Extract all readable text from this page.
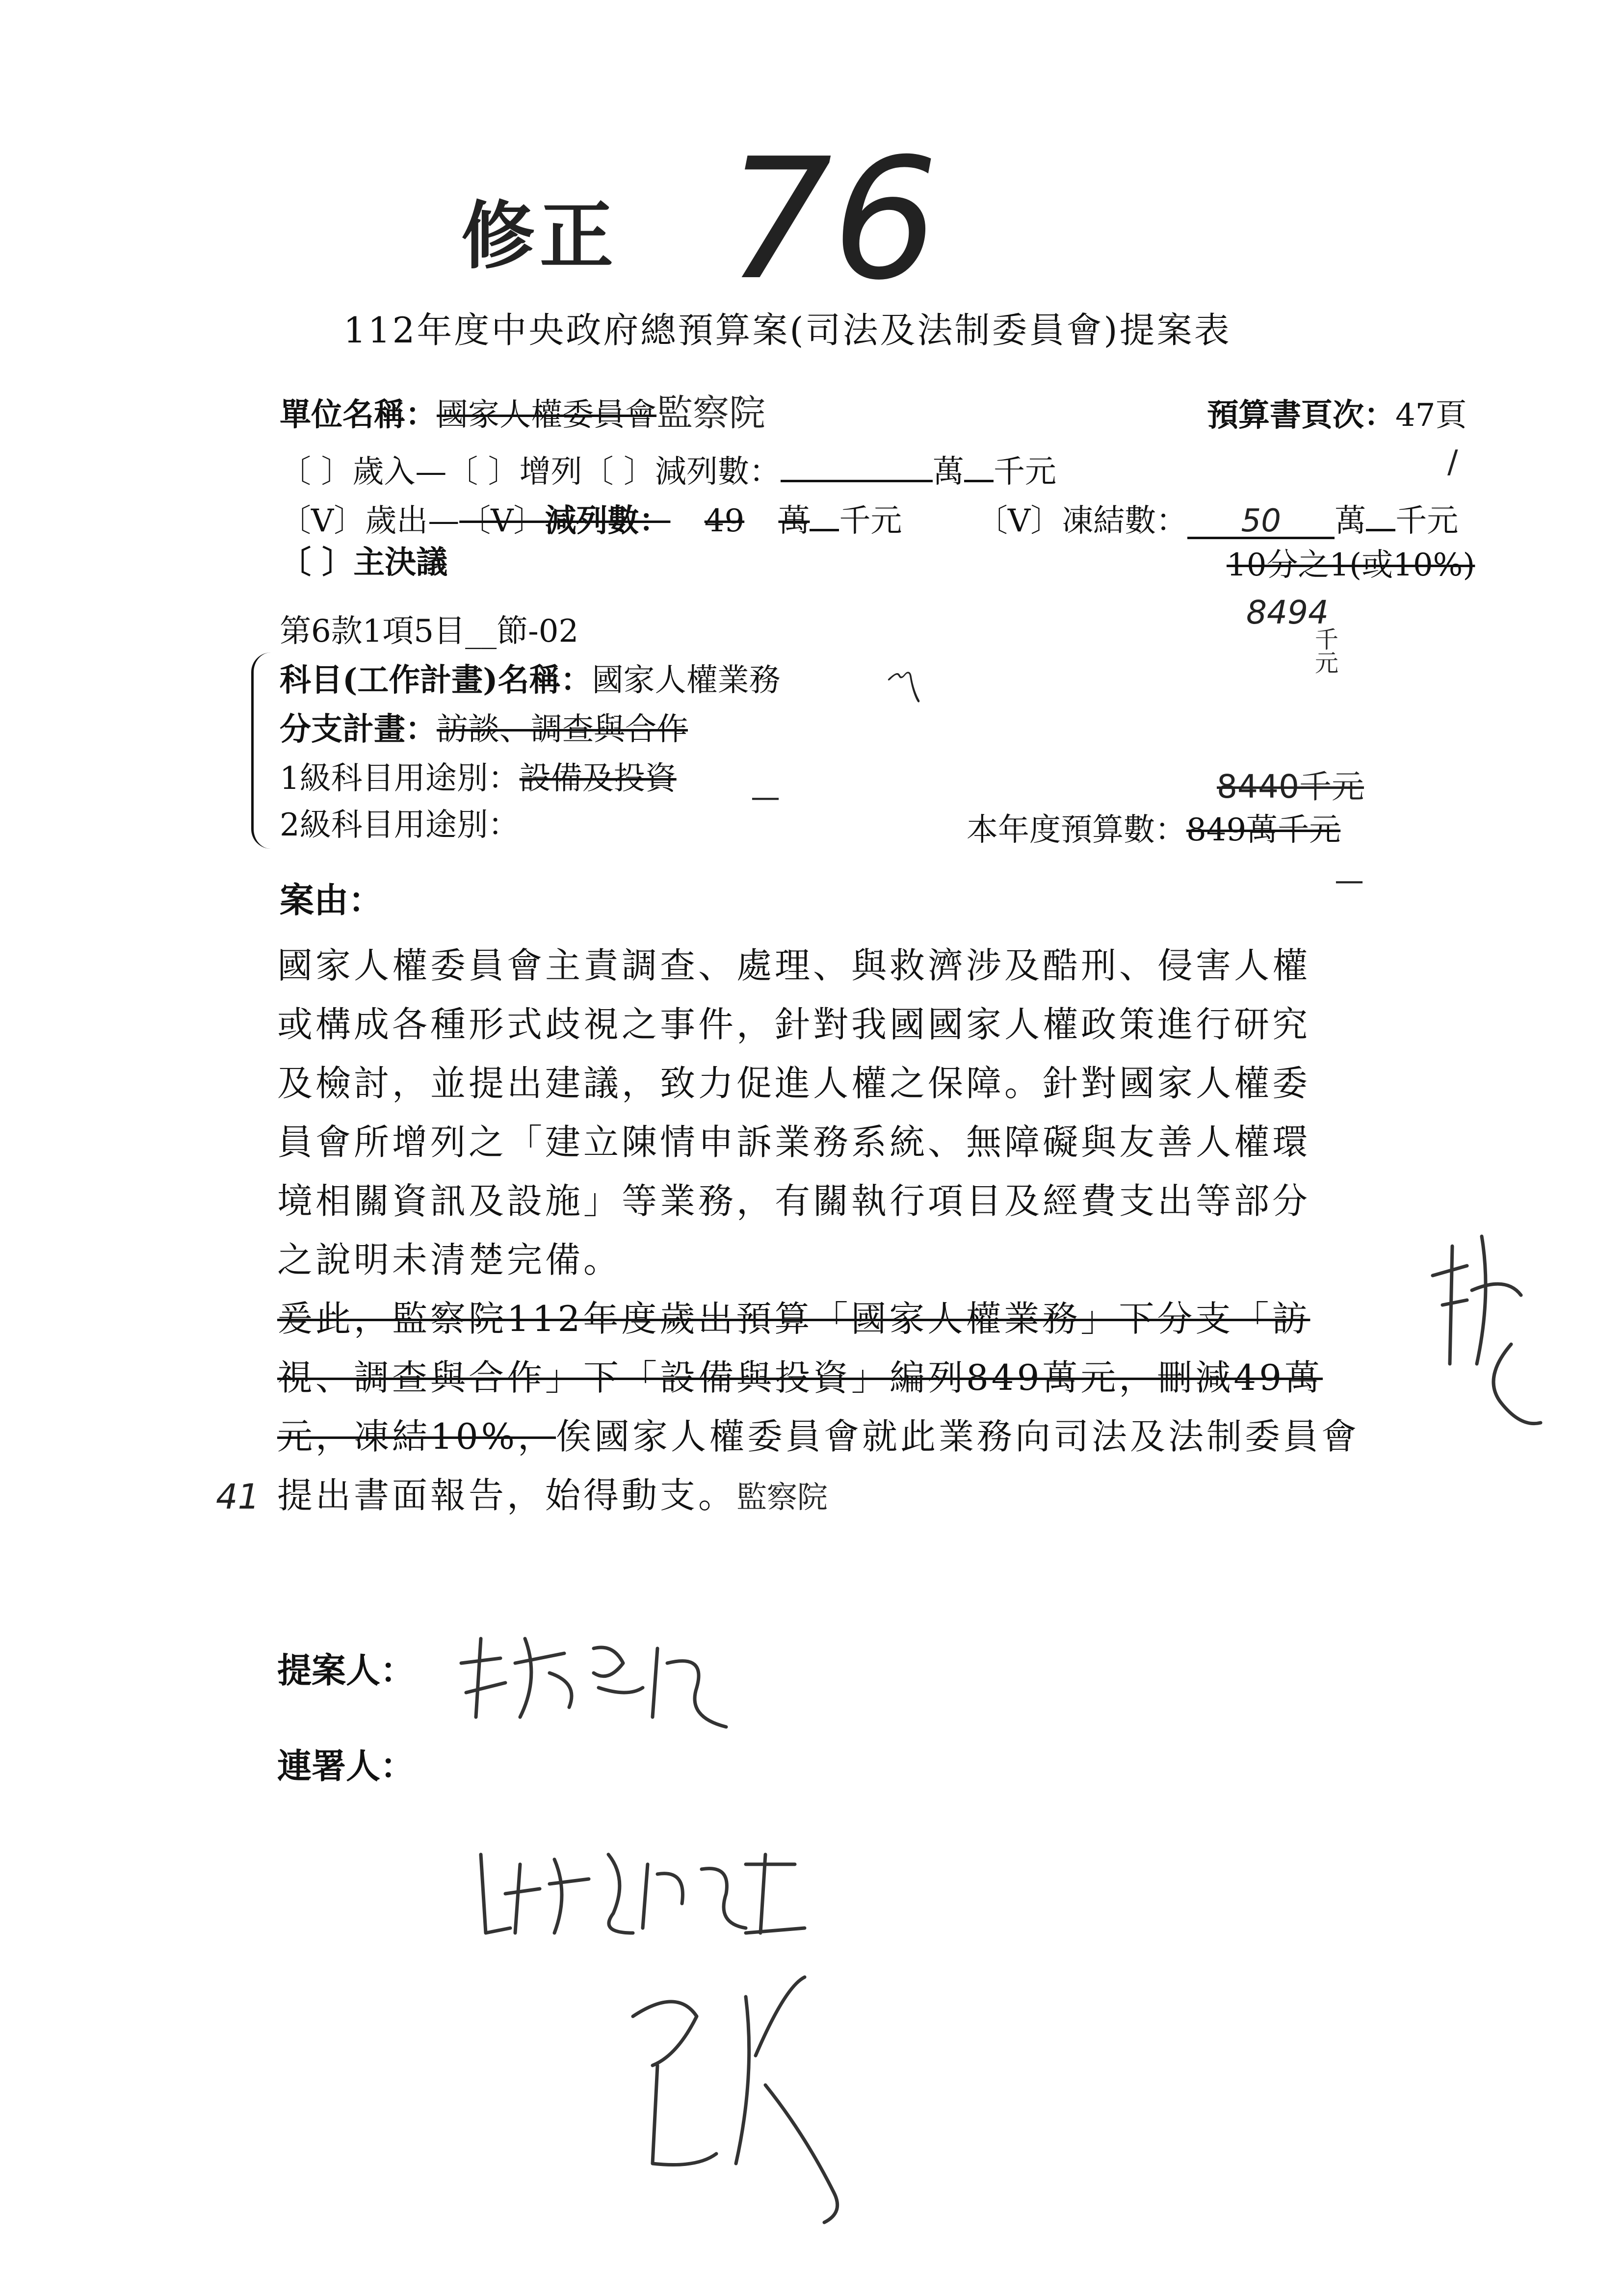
修正 76
112年度中央政府總預算案(司法及法制委員會)提案表
單位名稱：國家人權委員會監察院	預算書頁次：47頁
/
〔 〕歲入—〔 〕增列〔 〕減列數：	萬 千元
〔V〕歲出—〔V〕減列數： 49 萬 千元 〔V〕凍結數： 50 萬 千元
〔 〕主決議	10分之1(或10%)
8494
千元
第6款1項5目__節-02
科目(工作計畫)名稱：國家人權業務 〽
分支計畫：訪談、調查與合作
1級科目用途別：設備及投資
—	8440千元
2級科目用途別：	本年度預算數：849萬千元
—
案由：
國家人權委員會主責調查、處理、與救濟涉及酷刑、侵害人權
或構成各種形式歧視之事件，針對我國國家人權政策進行研究
及檢討，並提出建議，致力促進人權之保障。針對國家人權委
員會所增列之「建立陳情申訴業務系統、無障礙與友善人權環
境相關資訊及設施」等業務，有關執行項目及經費支出等部分
之說明未清楚完備。
爰此，監察院112年度歲出預算「國家人權業務」下分支「訪
視、調查與合作」下「設備與投資」編列849萬元，刪減49萬
元，凍結10%，俟國家人權委員會就此業務向司法及法制委員會
提出書面報告，始得動支。監察院
41
提案人：
連署人：
